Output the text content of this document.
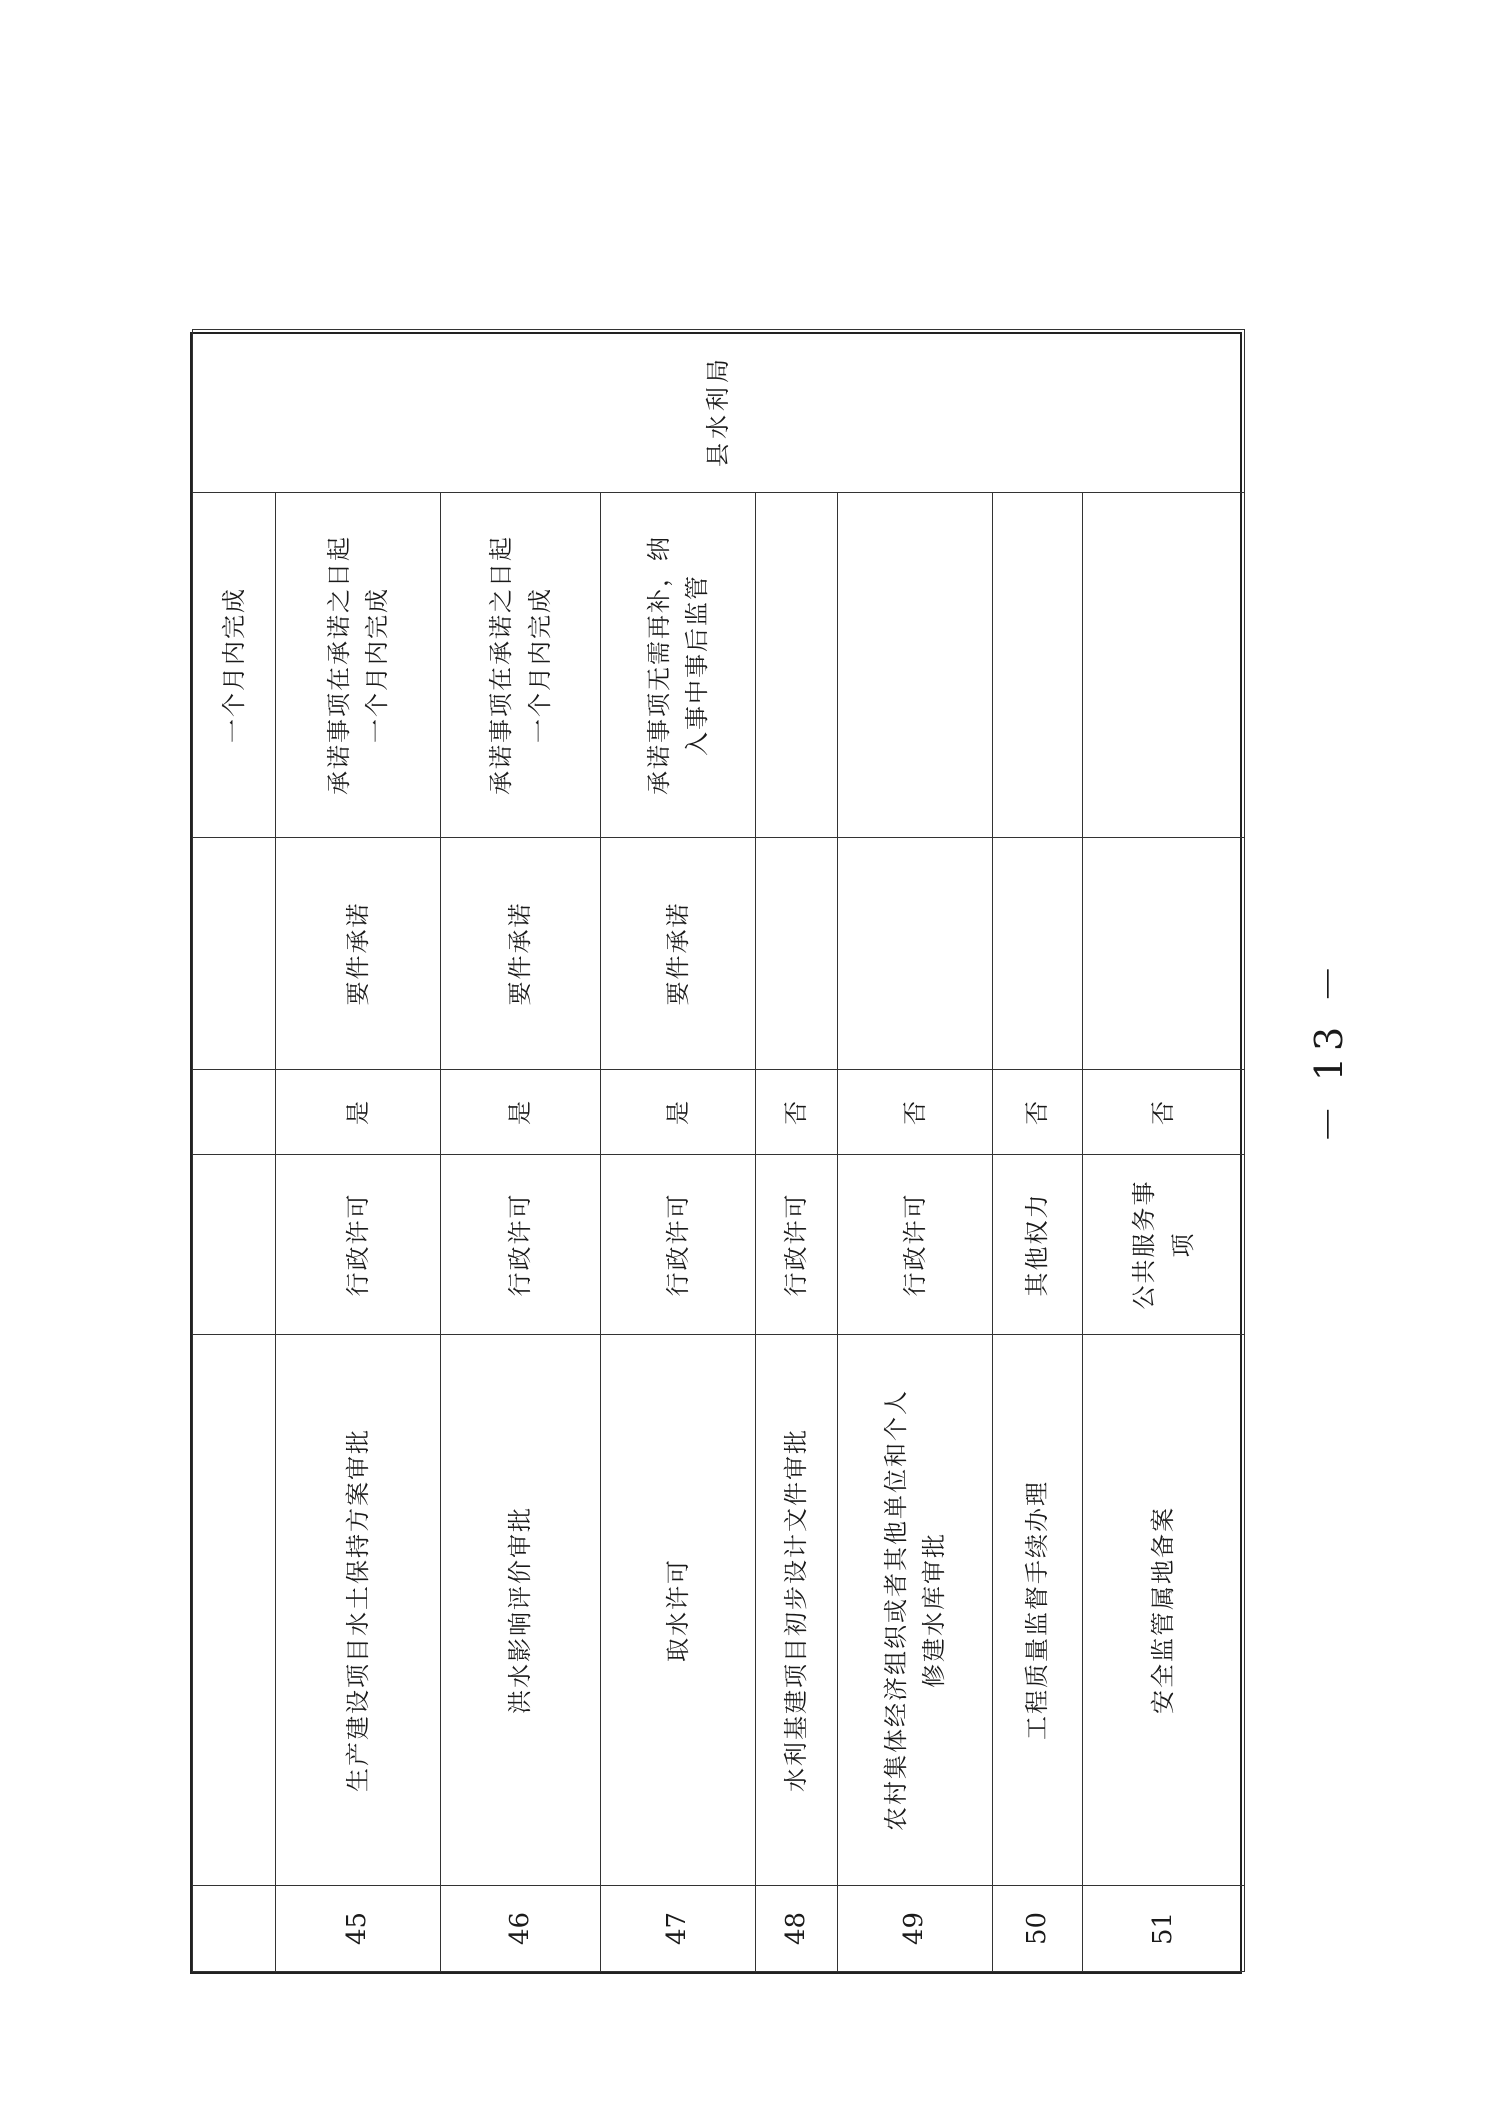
					一个月内完成	县水利局
45	生产建设项目水土保持方案审批	行政许可	是	要件承诺	承诺事项在承诺之日起 一个月内完成	

46	洪水影响评价审批	行政许可	是	要件承诺	承诺事项在承诺之日起 一个月内完成	

47	取水许可	行政许可	是	要件承诺	承诺事项无需再补，纳 入事中事后监管	

48	水利基建项目初步设计文件审批	行政许可	否			
49	农村集体经济组织或者其他单位和个人 修建水库审批	行政许可	否			
50	工程质量监督手续办理	其他权力	否			
51	安全监管属地备案	公共服务事 项	否				－ 13 －
